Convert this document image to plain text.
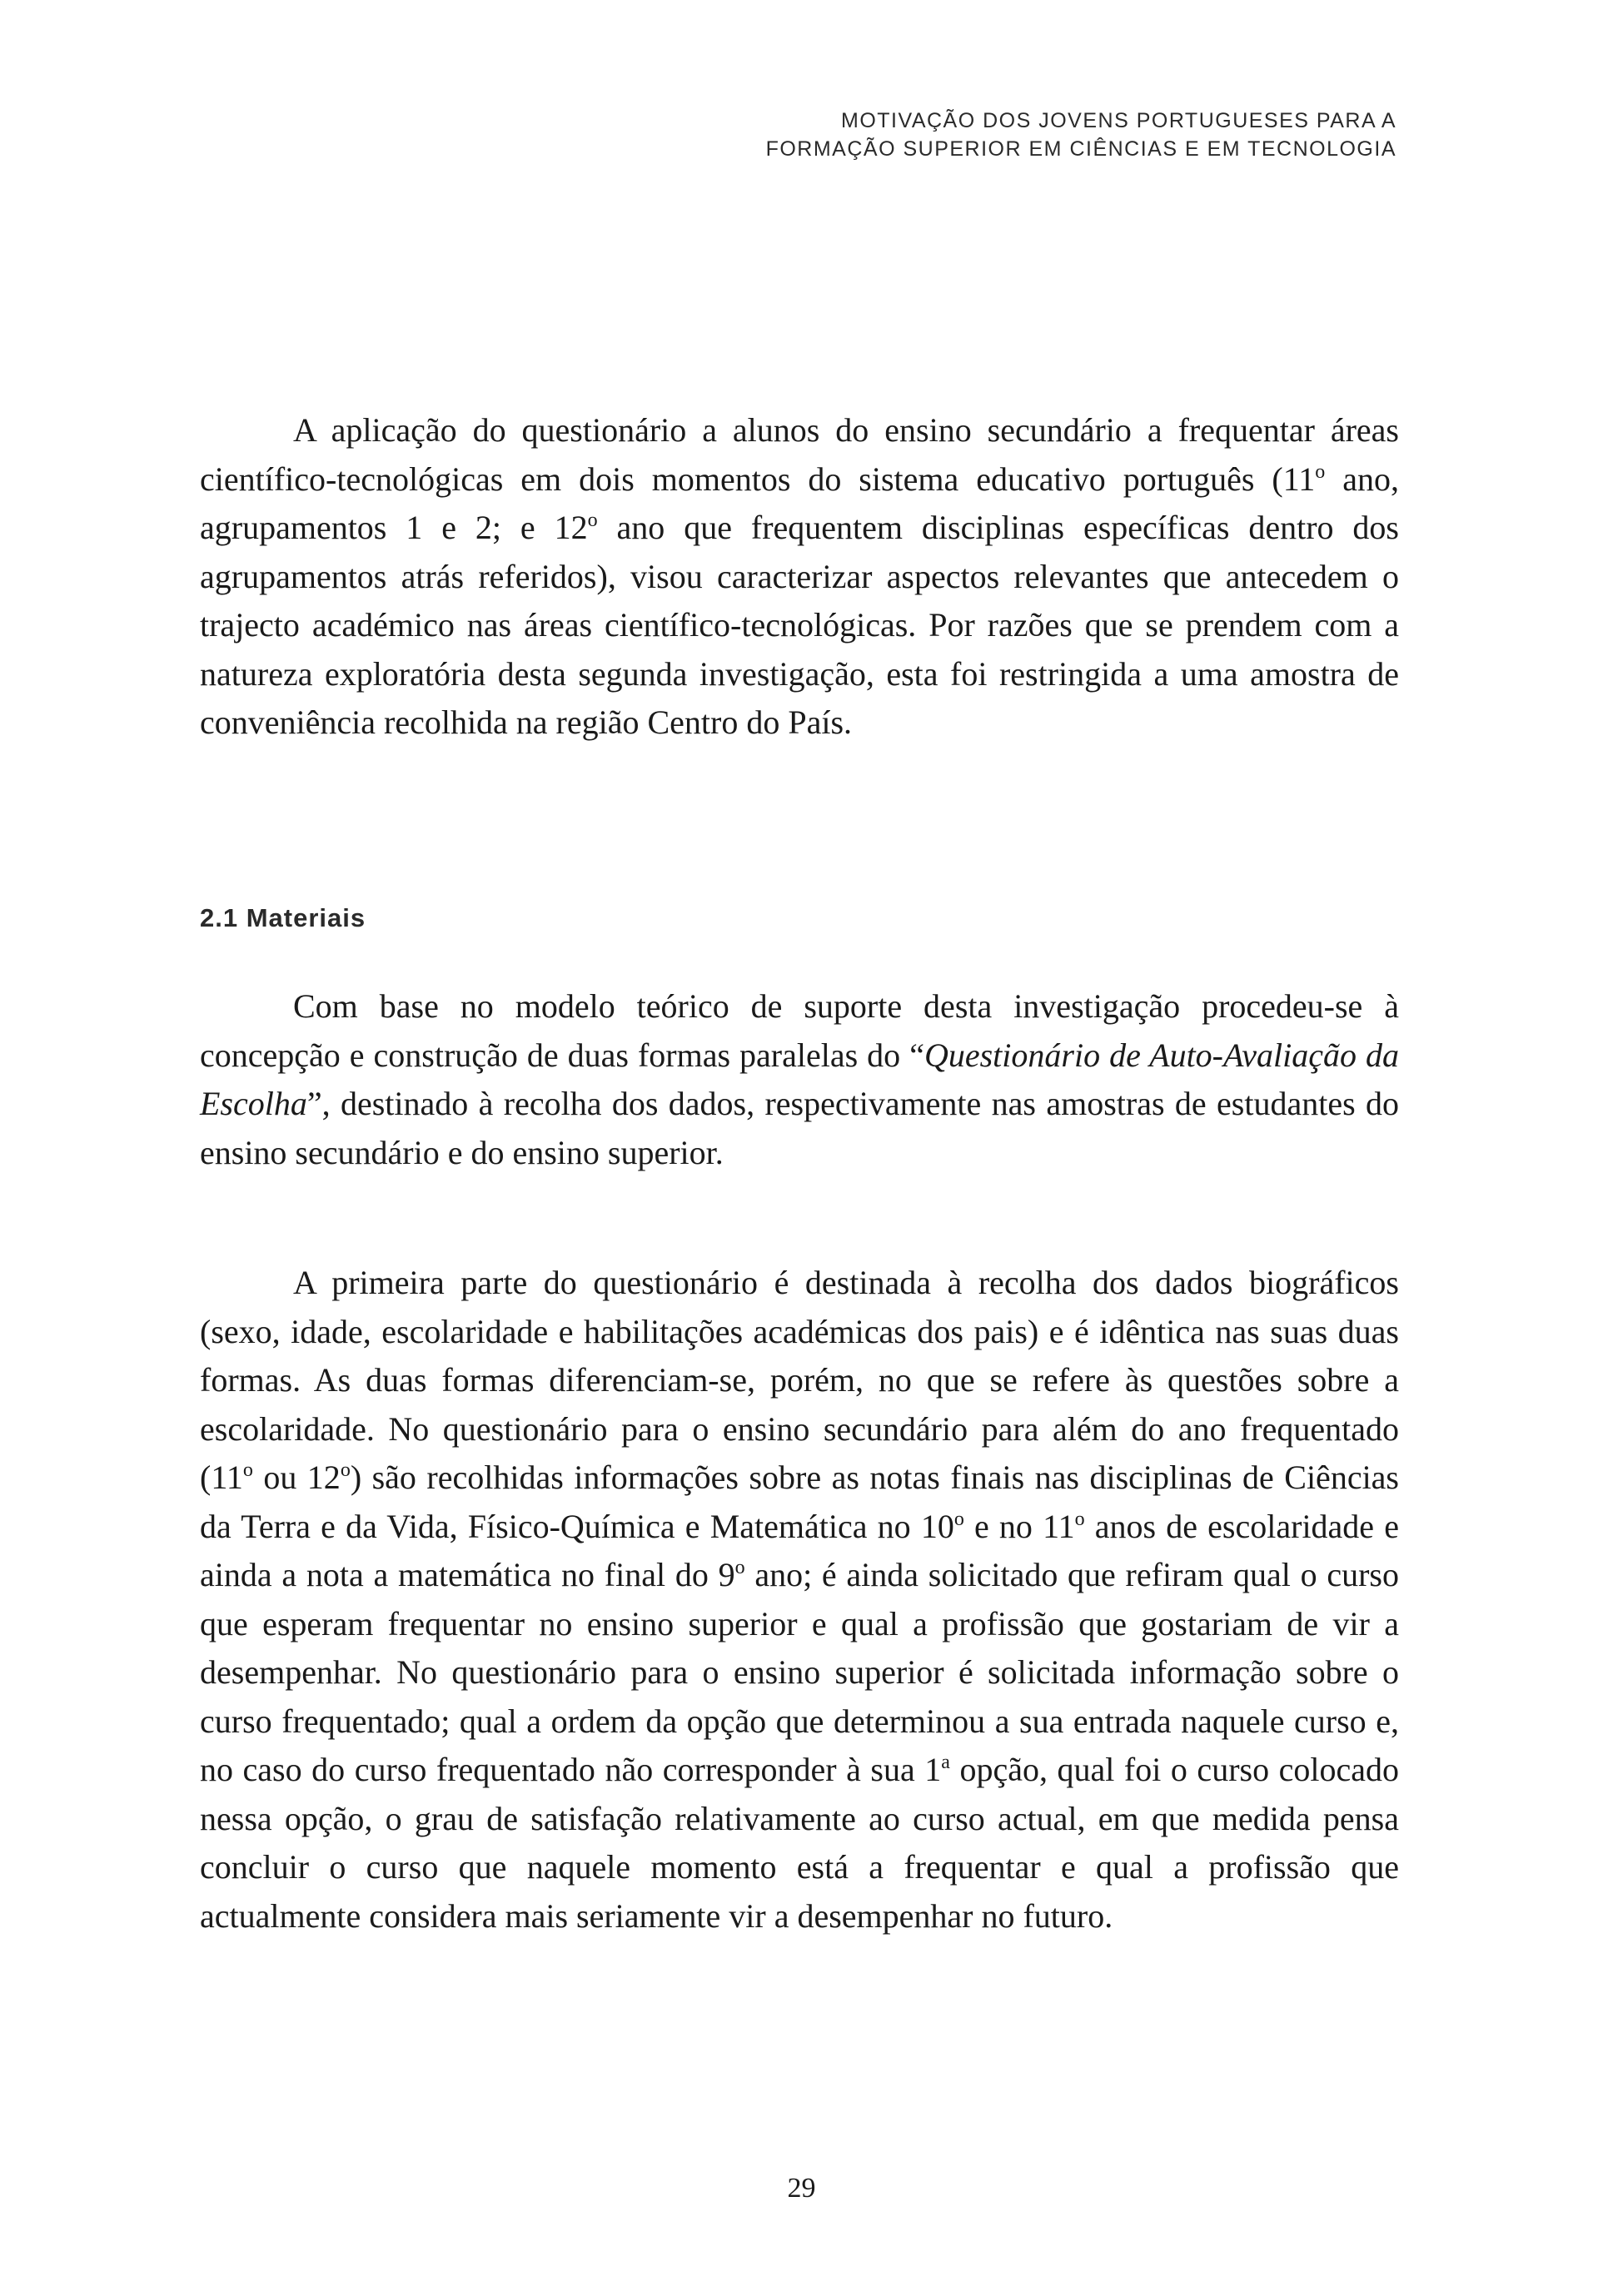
MOTIVAÇÃO DOS JOVENS PORTUGUESES PARA A
FORMAÇÃO SUPERIOR EM CIÊNCIAS E EM TECNOLOGIA

A aplicação do questionário a alunos do ensino secundário a frequentar áreas científico-tecnológicas em dois momentos do sistema educativo português (11$^o$ ano, agrupamentos 1 e 2; e 12$^o$ ano que frequentem disciplinas específicas dentro dos agrupamentos atrás referidos), visou caracterizar aspectos relevantes que antecedem o trajecto académico nas áreas científico-tecnológicas. Por razões que se prendem com a natureza exploratória desta segunda investigação, esta foi restringida a uma amostra de conveniência recolhida na região Centro do País.

2.1 Materiais

Com base no modelo teórico de suporte desta investigação procedeu-se à concepção e construção de duas formas paralelas do “Questionário de Auto-Avaliação da Escolha”, destinado à recolha dos dados, respectivamente nas amostras de estudantes do ensino secundário e do ensino superior.

A primeira parte do questionário é destinada à recolha dos dados biográficos (sexo, idade, escolaridade e habilitações académicas dos pais) e é idêntica nas suas duas formas. As duas formas diferenciam-se, porém, no que se refere às questões sobre a escolaridade. No questionário para o ensino secundário para além do ano frequentado (11$^o$ ou 12$^o$) são recolhidas informações sobre as notas finais nas disciplinas de Ciências da Terra e da Vida, Físico-Química e Matemática no 10$^o$ e no 11$^o$ anos de escolaridade e ainda a nota a matemática no final do 9$^o$ ano; é ainda solicitado que refiram qual o curso que esperam frequentar no ensino superior e qual a profissão que gostariam de vir a desempenhar. No questionário para o ensino superior é solicitada informação sobre o curso frequentado; qual a ordem da opção que determinou a sua entrada naquele curso e, no caso do curso frequentado não corresponder à sua 1$^a$ opção, qual foi o curso colocado nessa opção, o grau de satisfação relativamente ao curso actual, em que medida pensa concluir o curso que naquele momento está a frequentar e qual a profissão que actualmente considera mais seriamente vir a desempenhar no futuro.

29
